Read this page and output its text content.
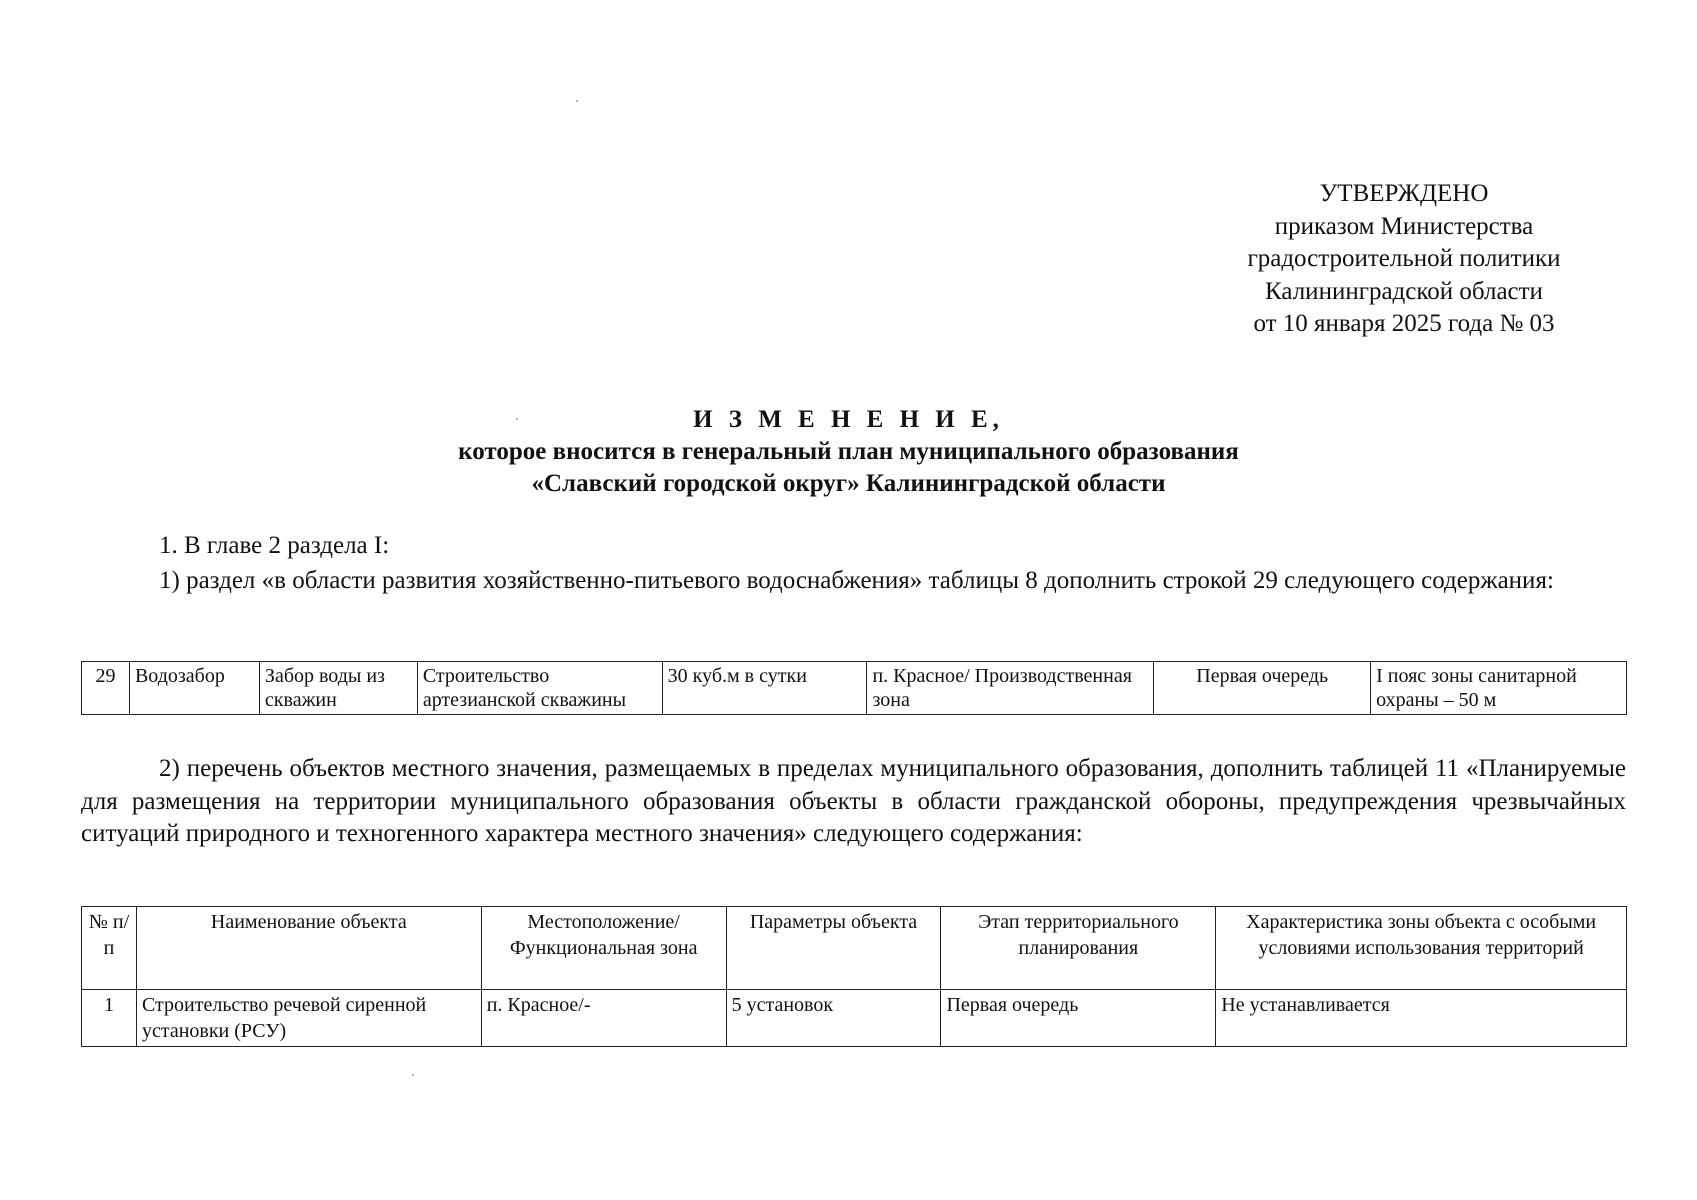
УТВЕРЖДЕНО
приказом Министерства
градостроительной политики
Калининградской области
от 10 января 2025 года № 03
И З М Е Н Е Н И Е,
которое вносится в генеральный план муниципального образования
«Славский городской округ» Калининградской области
1. В главе 2 раздела I:
1) раздел «в области развития хозяйственно-питьевого водоснабжения» таблицы 8 дополнить строкой 29 следующего содержания:
29	Водозабор	Забор воды из скважин	Строительство артезианской скважины	30 куб.м в сутки	п. Красное/ Производственная зона	Первая очередь	I пояс зоны санитарной охраны – 50 м
2) перечень объектов местного значения, размещаемых в пределах муниципального образования, дополнить таблицей 11 «Планируемые для размещения на территории муниципального образования объекты в области гражданской обороны, предупреждения чрезвычайных ситуаций природного и техногенного характера местного значения» следующего содержания:
№ п/п	Наименование объекта	Местоположение/ Функциональная зона	Параметры объекта	Этап территориального планирования	Характеристика зоны объекта с особыми условиями использования территорий
1	Строительство речевой сиренной установки (РСУ)	п. Красное/-	5 установок	Первая очередь	Не устанавливается
